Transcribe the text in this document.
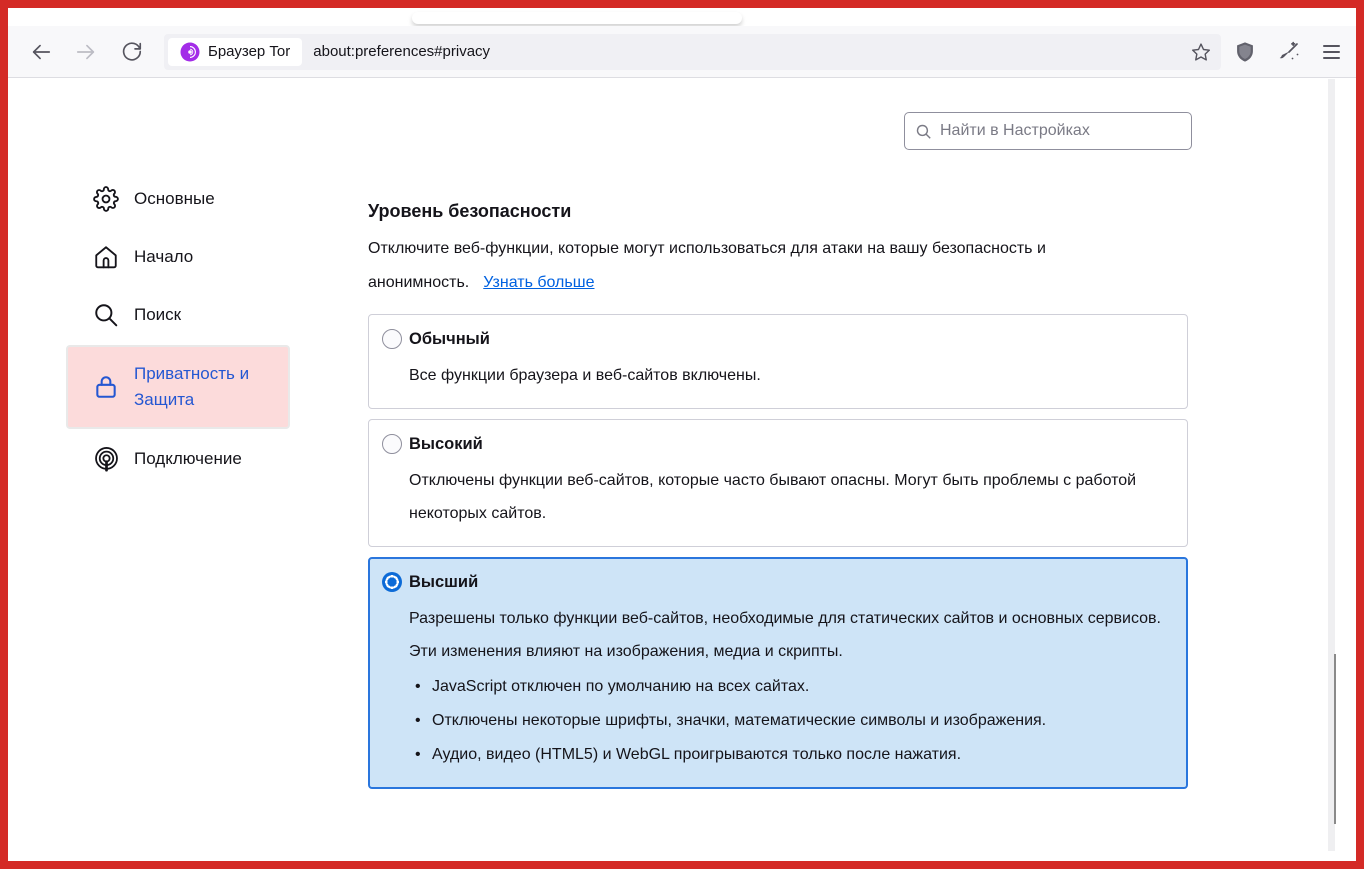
Браузер Tor about:preferences#privacy
Найти в Настройках
Основные
Начало
Поиск
Приватность и Защита
Подключение
Уровень безопасности

Отключите веб-функции, которые могут использоваться для атаки на вашу безопасность и анонимность. Узнать больше

Обычный
Все функции браузера и веб-сайтов включены.
Высокий
Отключены функции веб-сайтов, которые часто бывают опасны. Могут быть проблемы с работой некоторых сайтов.
Высший
Разрешены только функции веб-сайтов, необходимые для статических сайтов и основных сервисов. Эти изменения влияют на изображения, медиа и скрипты.
• JavaScript отключен по умолчанию на всех сайтах.
• Отключены некоторые шрифты, значки, математические символы и изображения.
• Аудио, видео (HTML5) и WebGL проигрываются только после нажатия.
